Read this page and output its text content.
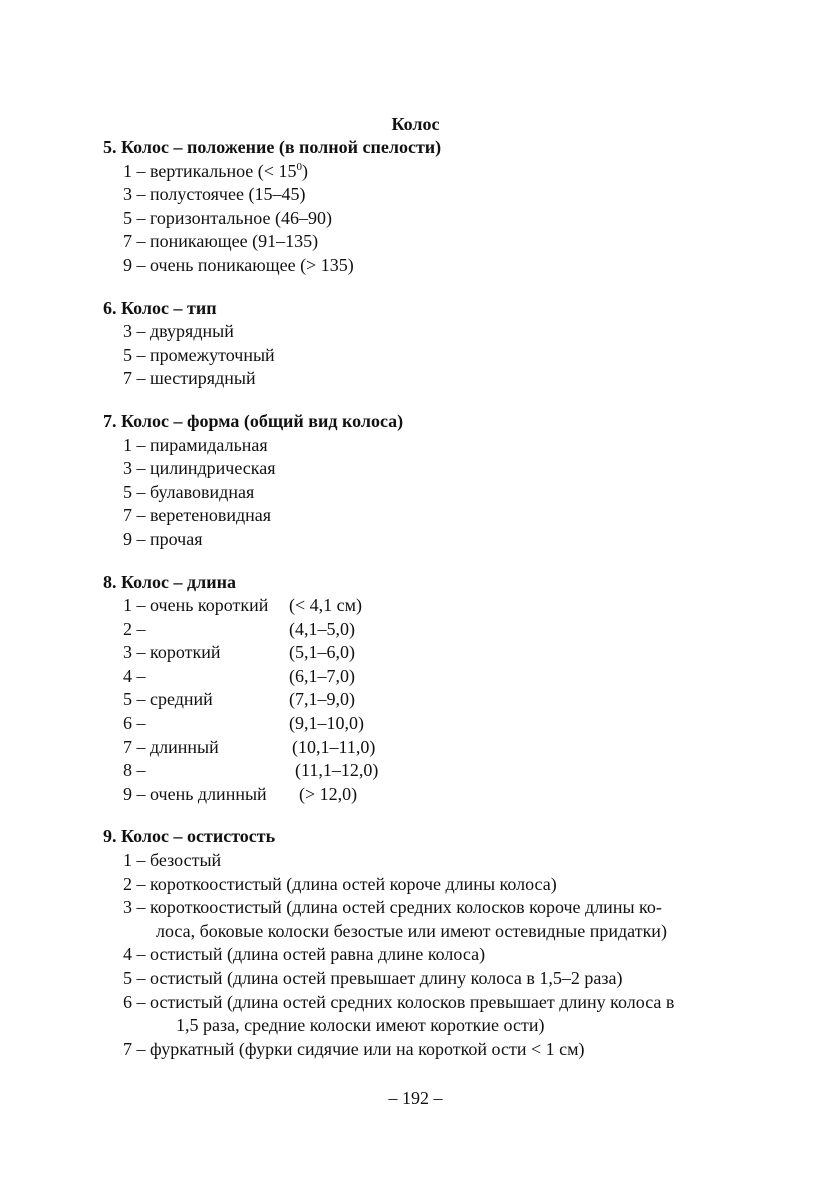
Колос
5. Колос – положение (в полной спелости)
1 – вертикальное (< $15^0$)
3 – полустоячее (15–45)
5 – горизонтальное (46–90)
7 – поникающее (91–135)
9 – очень поникающее (> 135)
6. Колос – тип
3 – двурядный
5 – промежуточный
7 – шестирядный
7. Колос – форма (общий вид колоса)
1 – пирамидальная
3 – цилиндрическая
5 – булавовидная
7 – веретеновидная
9 – прочая
8. Колос – длина
1 – очень короткий (< 4,1 см)
2 –	(4,1–5,0)
3 – короткий	(5,1–6,0)
4 –	(6,1–7,0)
5 – средний	(7,1–9,0)
6 –	(9,1–10,0)
7 – длинный	(10,1–11,0)
8 –	(11,1–12,0)
9 – очень длинный (> 12,0)
9. Колос – остистость
1 – безостый
2 – короткоостистый (длина остей короче длины колоса)
3 – короткоостистый (длина остей средних колосков короче длины ко-
лоса, боковые колоски безостые или имеют остевидные придатки)
4 – остистый (длина остей равна длине колоса)
5 – остистый (длина остей превышает длину колоса в 1,5–2 раза)
6 – остистый (длина остей средних колосков превышает длину колоса в
1,5 раза, средние колоски имеют короткие ости)
7 – фуркатный (фурки сидячие или на короткой ости < 1 см)
– 192 –
